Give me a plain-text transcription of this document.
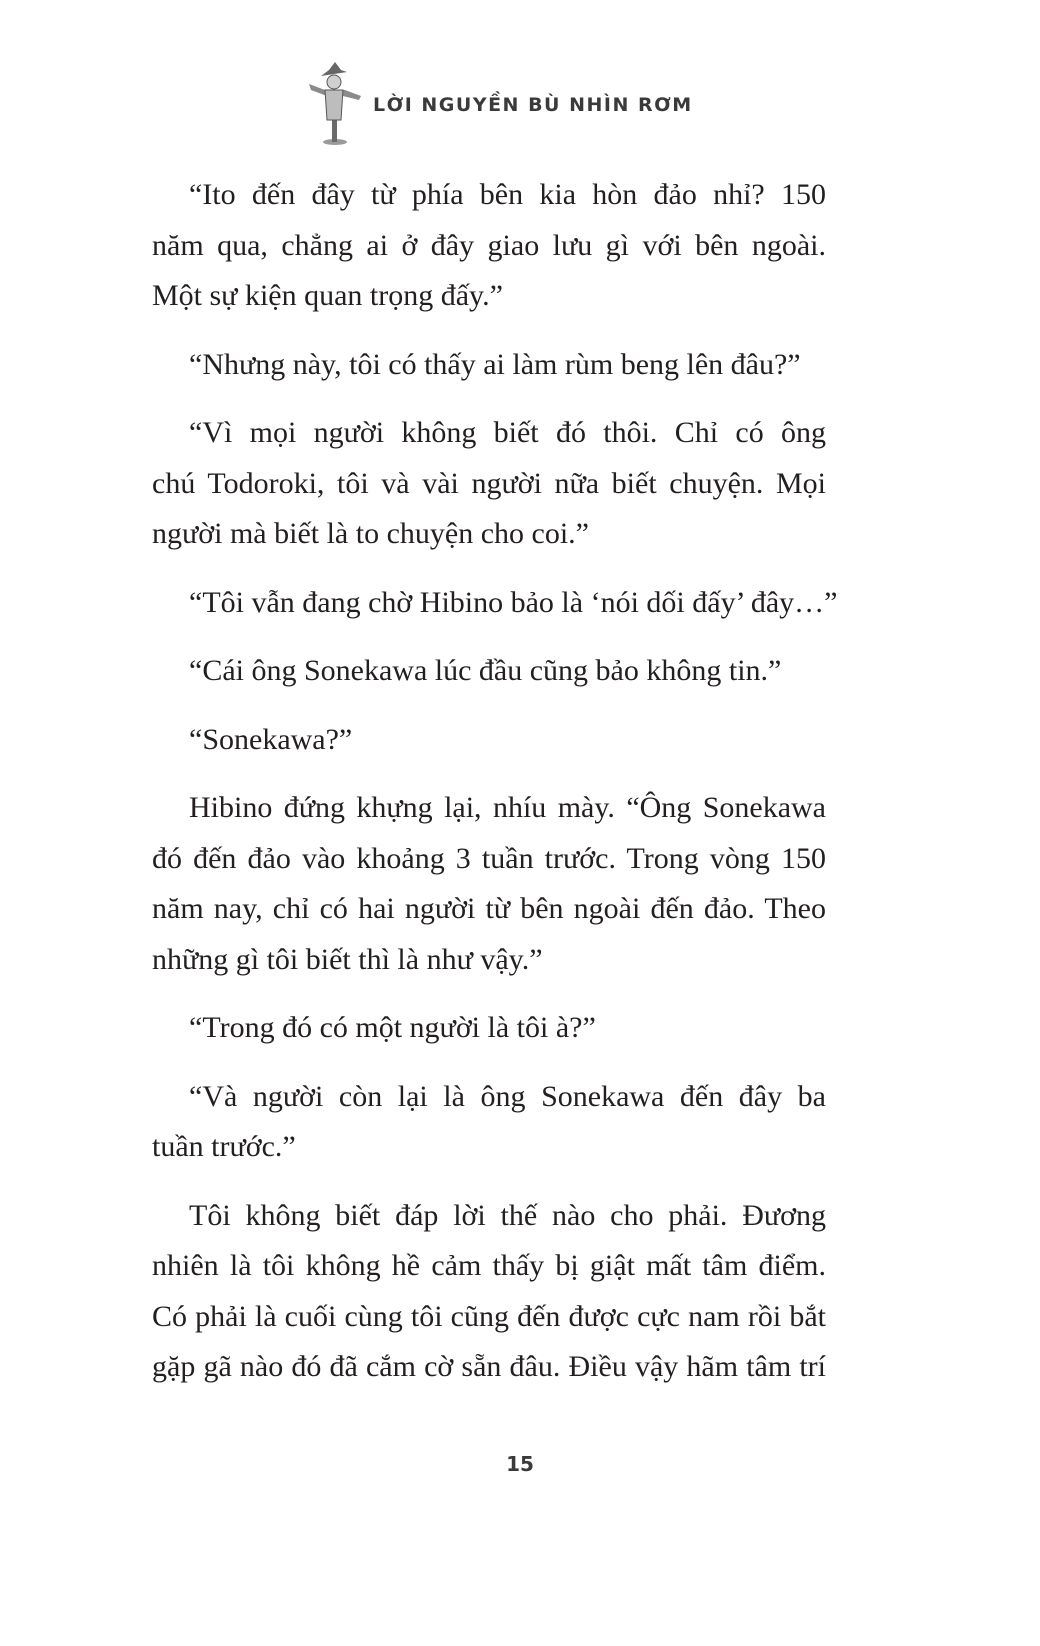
LỜI NGUYỀN BÙ NHÌN RƠM
“Ito đến đây từ phía bên kia hòn đảo nhỉ? 150
năm qua, chẳng ai ở đây giao lưu gì với bên ngoài.
Một sự kiện quan trọng đấy.”
“Nhưng này, tôi có thấy ai làm rùm beng lên đâu?”
“Vì mọi người không biết đó thôi. Chỉ có ông
chú Todoroki, tôi và vài người nữa biết chuyện. Mọi
người mà biết là to chuyện cho coi.”
“Tôi vẫn đang chờ Hibino bảo là ‘nói dối đấy’ đây…”
“Cái ông Sonekawa lúc đầu cũng bảo không tin.”
“Sonekawa?”
Hibino đứng khựng lại, nhíu mày. “Ông Sonekawa
đó đến đảo vào khoảng 3 tuần trước. Trong vòng 150
năm nay, chỉ có hai người từ bên ngoài đến đảo. Theo
những gì tôi biết thì là như vậy.”
“Trong đó có một người là tôi à?”
“Và người còn lại là ông Sonekawa đến đây ba
tuần trước.”
Tôi không biết đáp lời thế nào cho phải. Đương
nhiên là tôi không hề cảm thấy bị giật mất tâm điểm.
Có phải là cuối cùng tôi cũng đến được cực nam rồi bắt
gặp gã nào đó đã cắm cờ sẵn đâu. Điều vậy hãm tâm trí
15
